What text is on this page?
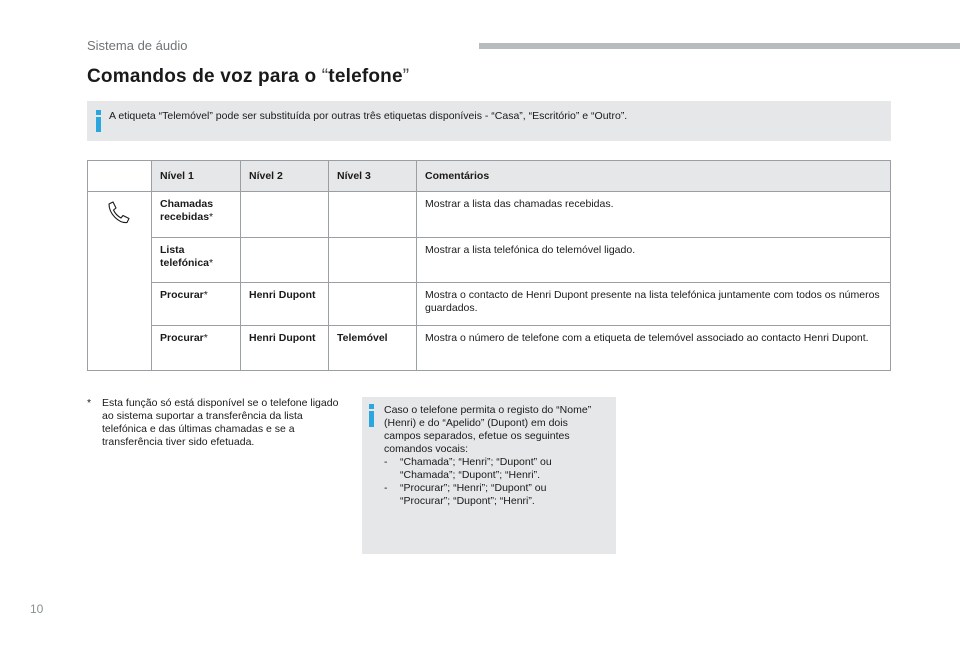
Sistema de áudio
Comandos de voz para o “telefone”
A etiqueta “Telemóvel” pode ser substituída por outras três etiquetas disponíveis - “Casa”, “Escritório” e “Outro”.
	Nível 1	Nível 2	Nível 3	Comentários
	Chamadas recebidas*			Mostrar a lista das chamadas recebidas.
	Lista telefónica*			Mostrar a lista telefónica do telemóvel ligado.
	Procurar*	Henri Dupont		Mostra o contacto de Henri Dupont presente na lista telefónica juntamente com todos os números guardados.
	Procurar*	Henri Dupont	Telemóvel	Mostra o número de telefone com a etiqueta de telemóvel associado ao contacto Henri Dupont.
* Esta função só está disponível se o telefone ligado ao sistema suportar a transferência da lista telefónica e das últimas chamadas e se a transferência tiver sido efetuada.
Caso o telefone permita o registo do “Nome”
(Henri) e do “Apelido” (Dupont) em dois
campos separados, efetue os seguintes
comandos vocais:
- “Chamada”; “Henri”; “Dupont” ou
“Chamada”; “Dupont”; “Henri”.
- “Procurar”; “Henri”; “Dupont” ou
“Procurar”; “Dupont”; “Henri”.
10
